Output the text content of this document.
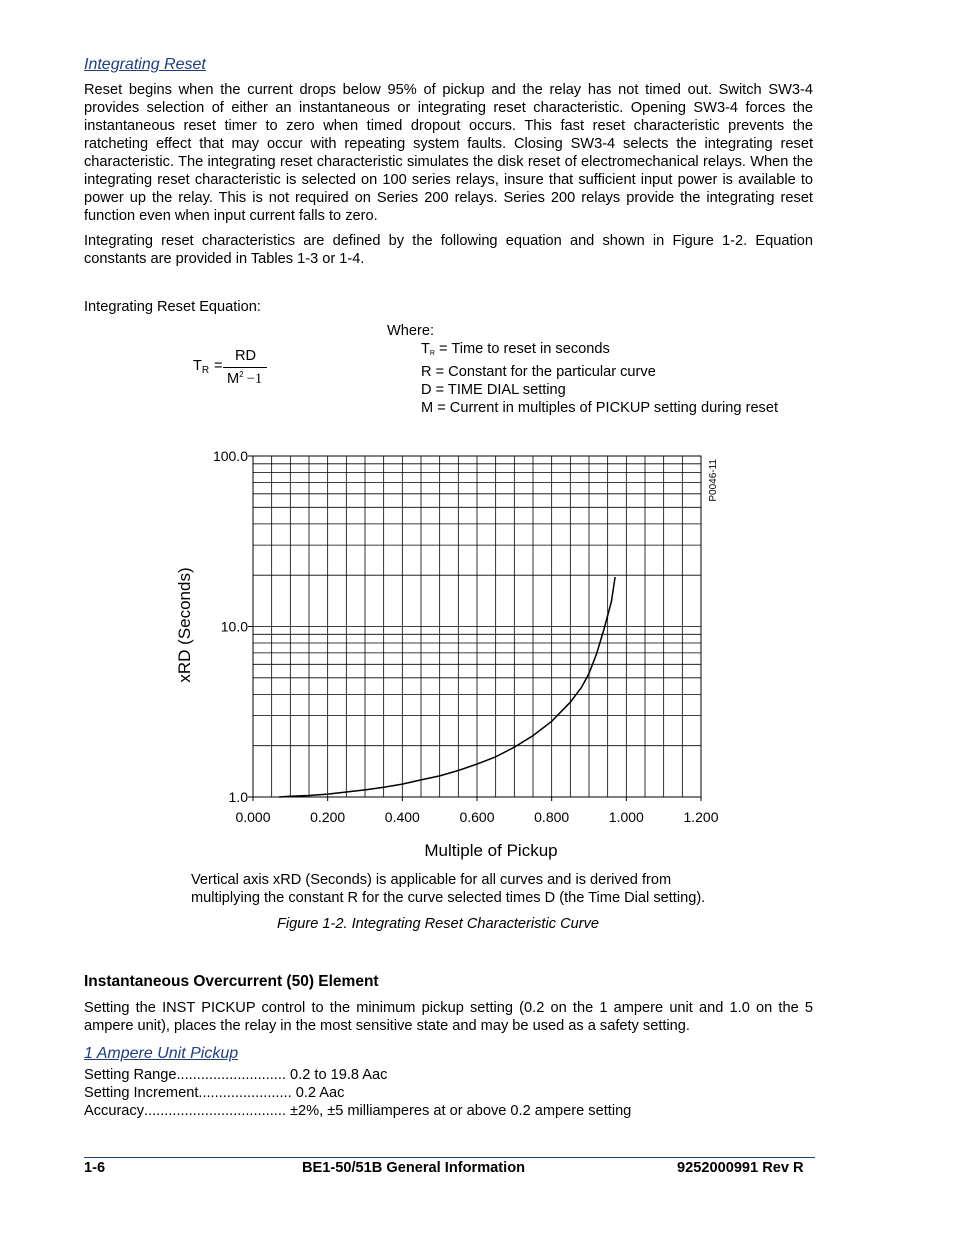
Integrating Reset
Reset begins when the current drops below 95% of pickup and the relay has not timed out. Switch SW3-4 provides selection of either an instantaneous or integrating reset characteristic. Opening SW3-4 forces the instantaneous reset timer to zero when timed dropout occurs. This fast reset characteristic prevents the ratcheting effect that may occur with repeating system faults. Closing SW3-4 selects the integrating reset characteristic. The integrating reset characteristic simulates the disk reset of electromechanical relays. When the integrating reset characteristic is selected on 100 series relays, insure that sufficient input power is available to power up the relay. This is not required on Series 200 relays. Series 200 relays provide the integrating reset function even when input current falls to zero.
Integrating reset characteristics are defined by the following equation and shown in Figure 1-2. Equation constants are provided in Tables 1-3 or 1-4.
Integrating Reset Equation:
$T_R$ =
RD
$M^2 -1$
Where:
$T_R$ = Time to reset in seconds
R = Constant for the particular curve
D = TIME DIAL setting
M = Current in multiples of PICKUP setting during reset
0.000	0.200	0.400	0.600	0.800	1.000	1.200
1.0
10.0
100.0
Multiple of Pickup
xRD (Seconds)
P0046-11
Vertical axis xRD (Seconds) is applicable for all curves and is derived from
multiplying the constant R for the curve selected times D (the Time Dial setting).
Figure 1-2. Integrating Reset Characteristic Curve
Instantaneous Overcurrent (50) Element
Setting the INST PICKUP control to the minimum pickup setting (0.2 on the 1 ampere unit and 1.0 on the 5 ampere unit), places the relay in the most sensitive state and may be used as a safety setting.
1 Ampere Unit Pickup
Setting Range........................... 0.2 to 19.8 Aac
Setting Increment....................... 0.2 Aac
Accuracy................................... ±2%, ±5 milliamperes at or above 0.2 ampere setting
1-6	BE1-50/51B General Information	9252000991 Rev R
